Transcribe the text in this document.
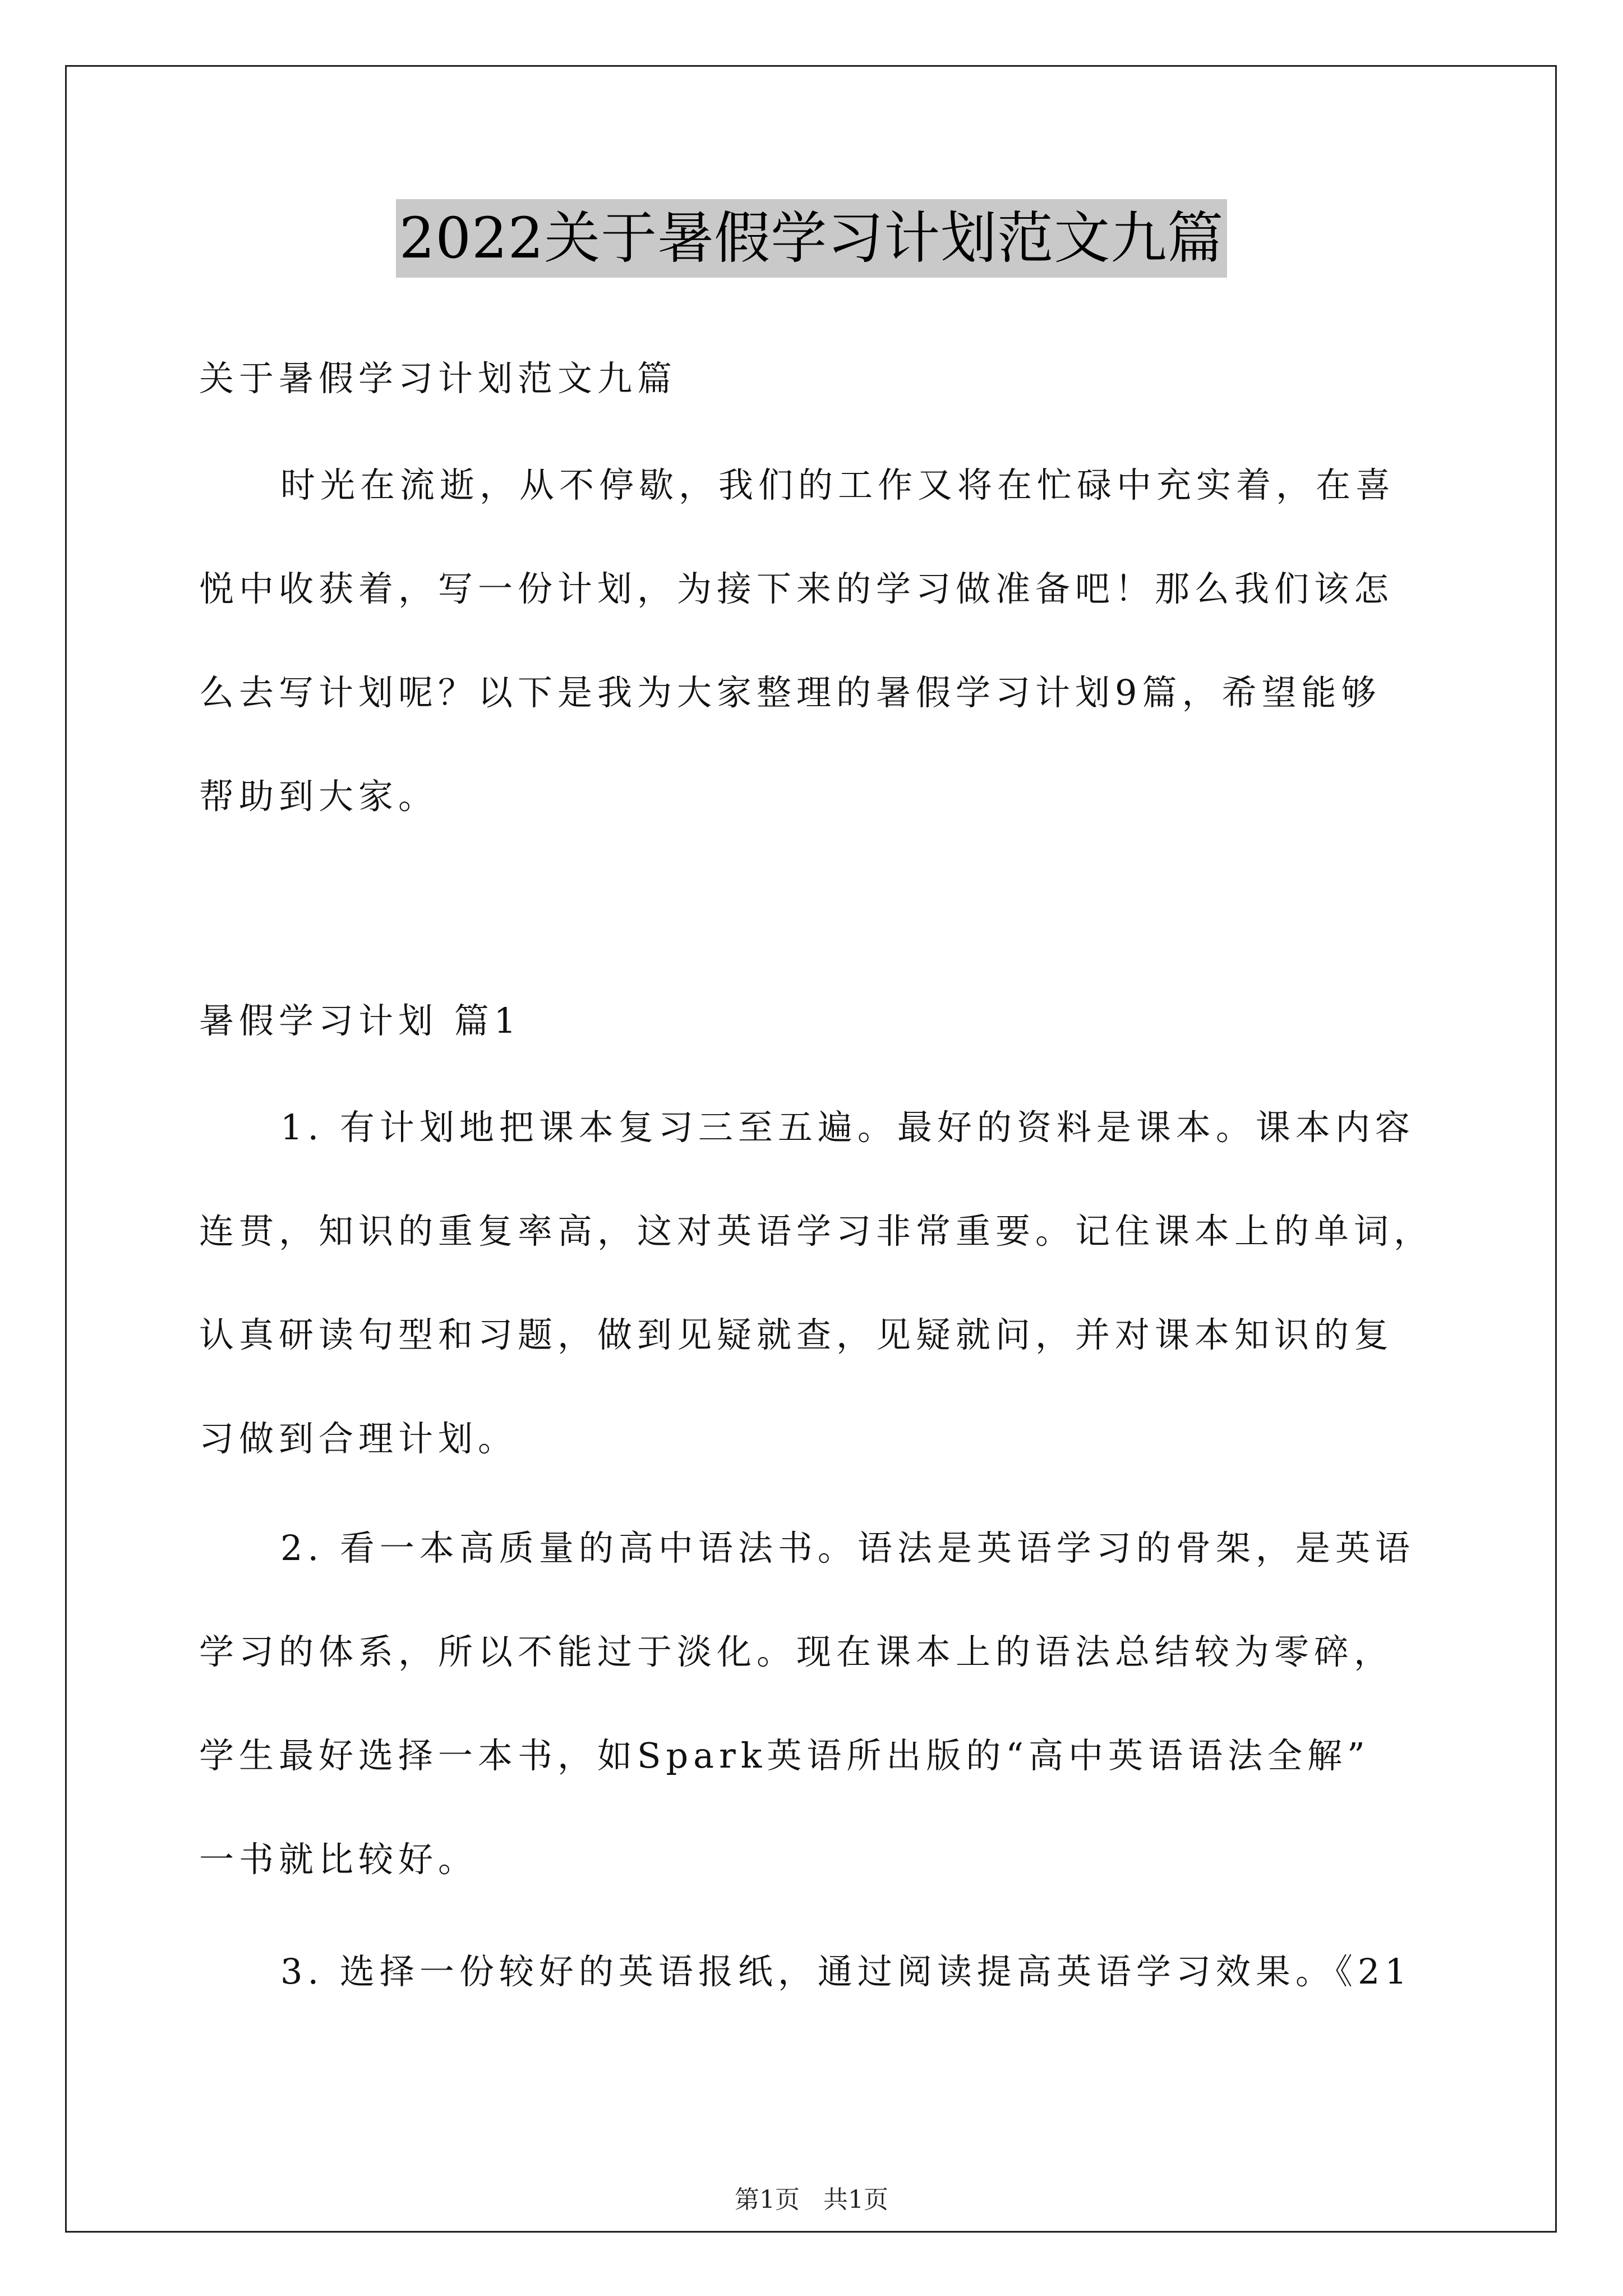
2022关于暑假学习计划范文九篇
关于暑假学习计划范文九篇
时光在流逝，从不停歇，我们的工作又将在忙碌中充实着，在喜
悦中收获着，写一份计划，为接下来的学习做准备吧！那么我们该怎
么去写计划呢？以下是我为大家整理的暑假学习计划9篇，希望能够
帮助到大家。
暑假学习计划 篇1
1. 有计划地把课本复习三至五遍。最好的资料是课本。课本内容
连贯，知识的重复率高，这对英语学习非常重要。记住课本上的单词，
认真研读句型和习题，做到见疑就查，见疑就问，并对课本知识的复
习做到合理计划。
2. 看一本高质量的高中语法书。语法是英语学习的骨架，是英语
学习的体系，所以不能过于淡化。现在课本上的语法总结较为零碎，
学生最好选择一本书，如Spark英语所出版的“高中英语语法全解”
一书就比较好。
3. 选择一份较好的英语报纸，通过阅读提高英语学习效果。《21
第1页   共1页
